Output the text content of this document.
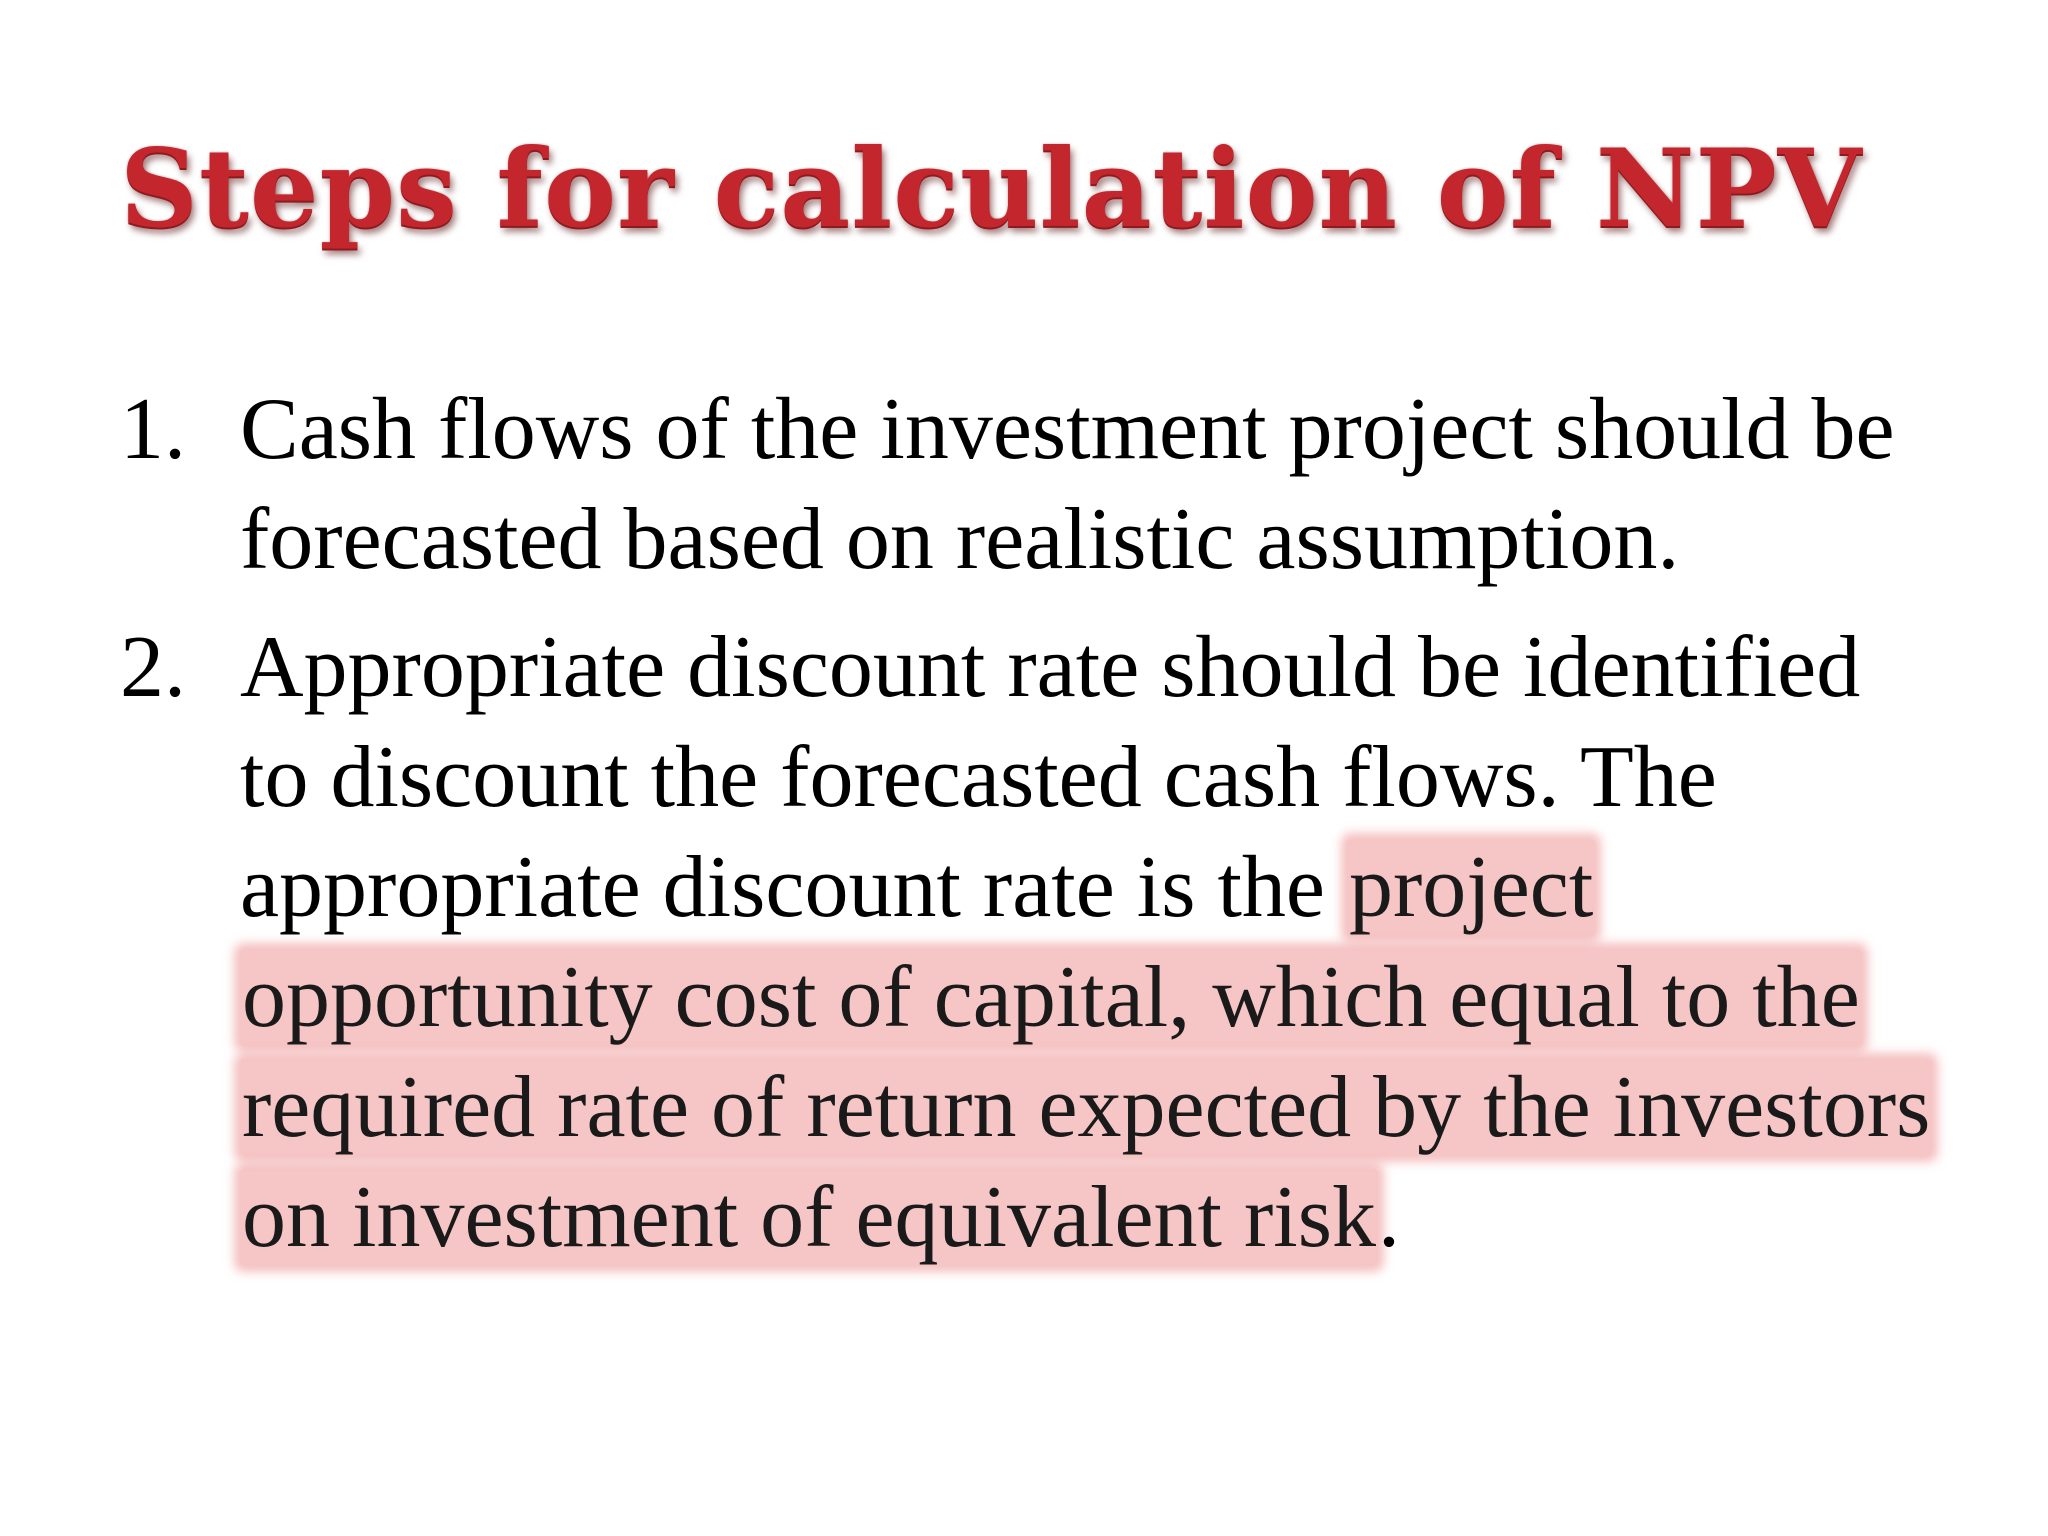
Steps for calculation of NPV
1. Cash flows of the investment project should be forecasted based on realistic assumption.
2. Appropriate discount rate should be identified to discount the forecasted cash flows. The appropriate discount rate is the project opportunity cost of capital, which equal to the required rate of return expected by the investors on investment of equivalent risk.
